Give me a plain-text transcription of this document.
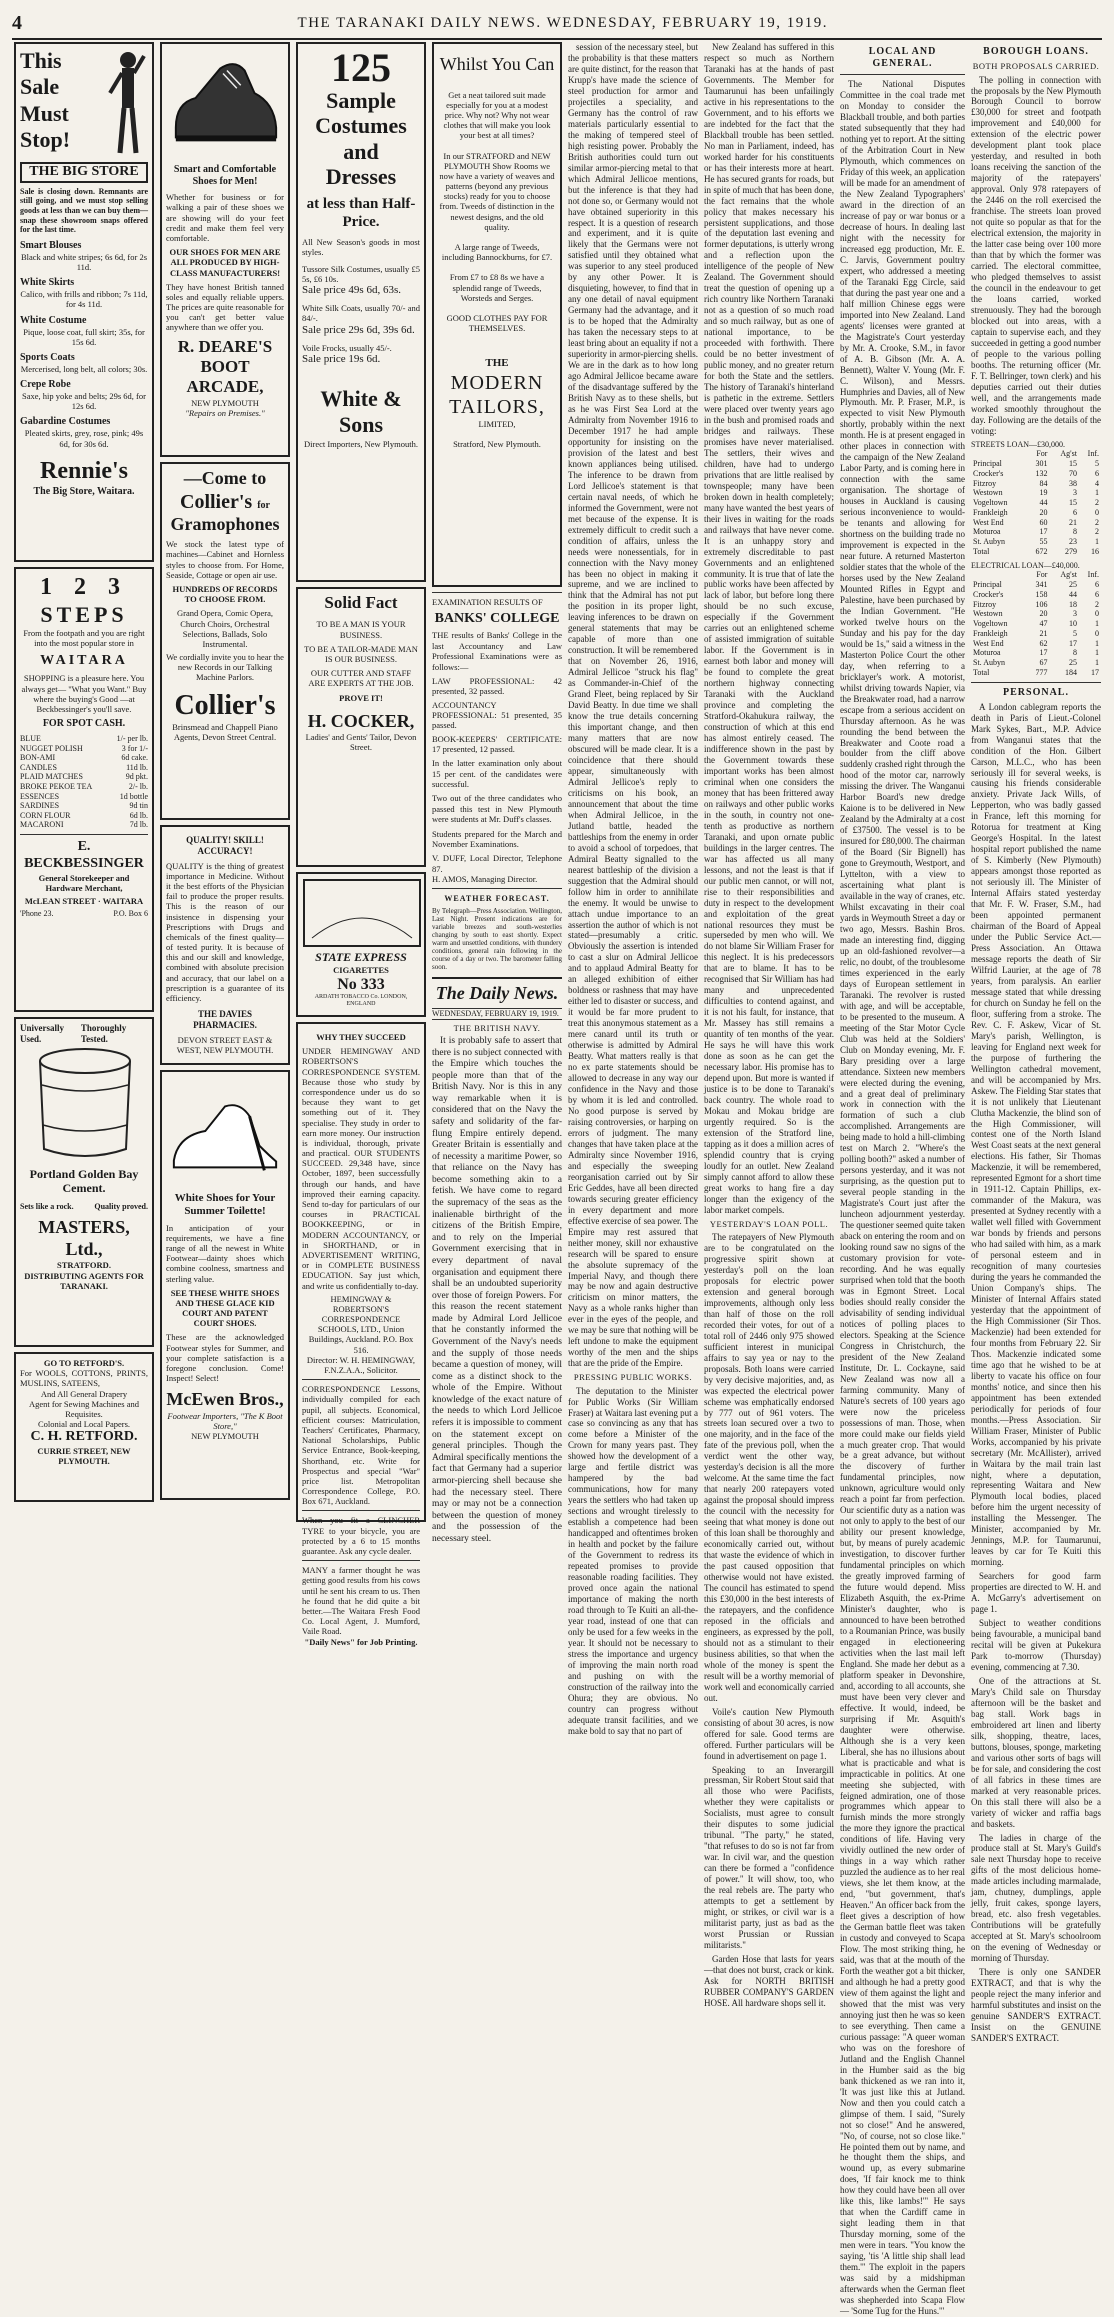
4	THE TARANAKI DAILY NEWS. WEDNESDAY, FEBRUARY 19, 1919.
This
Sale
Must
Stop!
THE BIG STORE
Sale is closing down. Remnants are still going, and we must stop selling goods at less than we can buy them—snap these showroom snaps offered for the last time.
Smart Blouses
Black and white stripes; 6s 6d, for 2s 11d.
White Skirts
Calico, with frills and ribbon; 7s 11d, for 4s 11d.
White Costume
Pique, loose coat, full skirt; 35s, for 15s 6d.
Sports Coats
Mercerised, long belt, all colors; 30s.
Crepe Robe
Saxe, hip yoke and belts; 29s 6d, for 12s 6d.
Gabardine Costumes
Pleated skirts, grey, rose, pink; 49s 6d, for 30s 6d.
Rennie's
The Big Store, Waitara.
1 2 3
STEPS
From the footpath and you are right into the most popular store in
WAITARA
SHOPPING is a pleasure here. You always get— "What you Want." Buy where the buying's Good —at Beckbessinger's you'll save.
FOR SPOT CASH.
BLUE	1/- per lb.
NUGGET POLISH	3 for 1/-
BON-AMI	6d cake.
CANDLES	11d lb.
PLAID MATCHES	9d pkt.
BROKE PEKOE TEA	2/- lb.
ESSENCES	1d bottle
SARDINES	9d tin
CORN FLOUR	6d lb.
MACARONI	7d lb.
E. BECKBESSINGER
General Storekeeper and Hardware Merchant,
McLEAN STREET · WAITARA
'Phone 23.	P.O. Box 6
Universally Used.
Thoroughly Tested.
Portland Golden Bay Cement.
Sets like a rock.	Quality proved.
MASTERS, Ltd.,
STRATFORD.
DISTRIBUTING AGENTS FOR TARANAKI.
GO TO RETFORD'S.
For WOOLS, COTTONS, PRINTS, MUSLINS, SATEENS,
And All General Drapery
Agent for Sewing Machines and Requisites.
Colonial and Local Papers.
C. H. RETFORD.
CURRIE STREET, NEW PLYMOUTH.
Smart and Comfortable Shoes for Men!
Whether for business or for walking a pair of these shoes we are showing will do your feet credit and make them feel very comfortable.
OUR SHOES FOR MEN ARE ALL PRODUCED BY HIGH-CLASS MANUFACTURERS!
They have honest British tanned soles and equally reliable uppers. The prices are quite reasonable for you can't get better value anywhere than we offer you.
R. DEARE'S BOOT ARCADE,
NEW PLYMOUTH
"Repairs on Premises."
—Come to
Collier's for
Gramophones
We stock the latest type of machines—Cabinet and Hornless styles to choose from. For Home, Seaside, Cottage or open air use.
HUNDREDS OF RECORDS TO CHOOSE FROM.
Grand Opera, Comic Opera, Church Choirs, Orchestral Selections, Ballads, Solo Instrumental.
We cordially invite you to hear the new Records in our Talking Machine Parlors.
Collier's
Brinsmead and Chappell Piano Agents, Devon Street Central.
QUALITY! SKILL! ACCURACY!
QUALITY is the thing of greatest importance in Medicine. Without it the best efforts of the Physician fail to produce the proper results. This is the reason of our insistence in dispensing your Prescriptions with Drugs and chemicals of the finest quality—of tested purity. It is because of this and our skill and knowledge, combined with absolute precision and accuracy, that our label on a prescription is a guarantee of its efficiency.
THE DAVIES PHARMACIES.
DEVON STREET EAST & WEST, NEW PLYMOUTH.
White Shoes for Your Summer Toilette!
In anticipation of your requirements, we have a fine range of all the newest in White Footwear—dainty shoes which combine coolness, smartness and sterling value.
SEE THESE WHITE SHOES AND THESE GLACE KID COURT AND PATENT COURT SHOES.
These are the acknowledged Footwear styles for Summer, and your complete satisfaction is a foregone conclusion. Come! Inspect! Select!
McEwen Bros.,
Footwear Importers, "The K Boot Store,"
NEW PLYMOUTH
125
Sample
Costumes
and
Dresses
at less than Half-Price.
All New Season's goods in most styles.
Tussore Silk Costumes, usually £5 5s, £6 10s.
Sale price 49s 6d, 63s.
White Silk Coats, usually 70/- and 84/-.
Sale price 29s 6d, 39s 6d.
Voile Frocks, usually 45/-.
Sale price 19s 6d.
White & Sons
Direct Importers, New Plymouth.
Solid Fact
TO BE A MAN IS YOUR BUSINESS.
TO BE A TAILOR-MADE MAN IS OUR BUSINESS.
OUR CUTTER AND STAFF ARE EXPERTS AT THE JOB.
PROVE IT!
H. COCKER,
Ladies' and Gents' Tailor, Devon Street.
STATE EXPRESS
CIGARETTES
No 333
ARDATH TOBACCO Co. LONDON, ENGLAND
WHY THEY SUCCEED
UNDER HEMINGWAY AND ROBERTSON'S CORRESPONDENCE SYSTEM. Because those who study by correspondence under us do so because they want to get something out of it. They specialise. They study in order to earn more money. Our instruction is individual, thorough, private and practical. OUR STUDENTS SUCCEED. 29,348 have, since October, 1897, been successfully through our hands, and have improved their earning capacity. Send to-day for particulars of our courses in PRACTICAL BOOKKEEPING, or in MODERN ACCOUNTANCY, or in SHORTHAND, or in ADVERTISEMENT WRITING, or in COMPLETE BUSINESS EDUCATION. Say just which, and write us confidentially to-day.
HEMINGWAY & ROBERTSON'S CORRESPONDENCE SCHOOLS, LTD., Union Buildings, Auckland. P.O. Box 516.
Director: W. H. HEMINGWAY, F.N.Z.A.A., Solicitor.
CORRESPONDENCE Lessons, individually compiled for each pupil, all subjects. Economical, efficient courses: Matriculation, Teachers' Certificates, Pharmacy, National Scholarships, Public Service Entrance, Book-keeping, Shorthand, etc. Write for Prospectus and special "War" price list. Metropolitan Correspondence College, P.O. Box 671, Auckland.
When you fit a CLINCHER TYRE to your bicycle, you are protected by a 6 to 15 months guarantee. Ask any cycle dealer.
MANY a farmer thought he was getting good results from his cows until he sent his cream to us. Then he found that he did quite a bit better.—The Waitara Fresh Food Co. Local Agent, J. Mumford, Vaile Road.
"Daily News" for Job Printing.
Whilst You Can
Get a neat tailored suit made especially for you at a modest price. Why not? Why not wear clothes that will make you look your best at all times?
In our STRATFORD and NEW PLYMOUTH Show Rooms we now have a variety of weaves and patterns (beyond any previous stocks) ready for you to choose from. Tweeds of distinction in the newest designs, and the old quality.
A large range of Tweeds, including Bannockburns, for £7.
From £7 to £8 8s we have a splendid range of Tweeds, Worsteds and Serges.
GOOD CLOTHES PAY FOR THEMSELVES.
THE
MODERN
TAILORS,
LIMITED,
Stratford, New Plymouth.
EXAMINATION RESULTS OF
BANKS' COLLEGE
THE results of Banks' College in the last Accountancy and Law Professional Examinations were as follows:—
LAW PROFESSIONAL: 42 presented, 32 passed.
ACCOUNTANCY PROFESSIONAL: 51 presented, 35 passed.
BOOK-KEEPERS' CERTIFICATE: 17 presented, 12 passed.
In the latter examination only about 15 per cent. of the candidates were successful.
Two out of the three candidates who passed this test in New Plymouth were students at Mr. Duff's classes.
Students prepared for the March and November Examinations.
V. DUFF, Local Director, Telephone 87.
H. AMOS, Managing Director.
WEATHER FORECAST.
By Telegraph—Press Association. Wellington, Last Night. Present indications are for variable breezes and south-westerlies changing by south to east shortly. Expect warm and unsettled conditions, with thundery conditions, general rain following in the course of a day or two. The barometer falling soon.
The Daily News.
WEDNESDAY, FEBRUARY 19, 1919.
THE BRITISH NAVY.

It is probably safe to assert that there is no subject connected with the Empire which touches the people more than that of the British Navy. Nor is this in any way remarkable when it is considered that on the Navy the safety and solidarity of the far-flung Empire entirely depend. Greater Britain is essentially and of necessity a maritime Power, so that reliance on the Navy has become something akin to a fetish. We have come to regard the supremacy of the seas as the inalienable birthright of the citizens of the British Empire, and to rely on the Imperial Government exercising that in every department of naval organisation and equipment there shall be an undoubted superiority over those of foreign Powers. For this reason the recent statement made by Admiral Lord Jellicoe that he constantly informed the Government of the Navy's needs and the supply of those needs became a question of money, will come as a distinct shock to the whole of the Empire. Without knowledge of the exact nature of the needs to which Lord Jellicoe refers it is impossible to comment on the statement except on general principles. Though the Admiral specifically mentions the fact that Germany had a superior armor-piercing shell because she had the necessary steel. There may or may not be a connection between the question of money and the possession of the necessary steel.

session of the necessary steel, but the probability is that these matters are quite distinct, for the reason that Krupp's have made the science of steel production for armor and projectiles a speciality, and Germany has the control of raw materials particularly essential to the making of tempered steel of high resisting power. Probably the British authorities could turn out similar armor-piercing metal to that which Admiral Jellicoe mentions, but the inference is that they had not done so, or Germany would not have obtained superiority in this respect. It is a question of research and experiment, and it is quite likely that the Germans were not satisfied until they obtained what was superior to any steel produced by any other Power. It is disquieting, however, to find that in any one detail of naval equipment Germany had the advantage, and it is to be hoped that the Admiralty has taken the necessary steps to at least bring about an equality if not a superiority in armor-piercing shells. We are in the dark as to how long ago Admiral Jellicoe became aware of the disadvantage suffered by the British Navy as to these shells, but as he was First Sea Lord at the Admiralty from November 1916 to December 1917 he had ample opportunity for insisting on the provision of the latest and best known appliances being utilised. The inference to be drawn from Lord Jellicoe's statement is that certain naval needs, of which he informed the Government, were not met because of the expense. It is extremely difficult to credit such a condition of affairs, unless the needs were nonessentials, for in connection with the Navy money has been no object in making it supreme, and we are inclined to think that the Admiral has not put the position in its proper light, leaving inferences to be drawn on general statements that may be capable of more than one construction. It will be remembered that on November 26, 1916, Admiral Jellicoe "struck his flag" as Commander-in-Chief of the Grand Fleet, being replaced by Sir David Beatty. In due time we shall know the true details concerning this important change, and then many matters that are now obscured will be made clear. It is a coincidence that there should appear, simultaneously with Admiral Jellicoe's reply to criticisms on his book, an announcement that about the time when Admiral Jellicoe, in the Jutland battle, headed the battleships from the enemy in order to avoid a school of torpedoes, that Admiral Beatty signalled to the nearest battleship of the division a suggestion that the Admiral should follow him in order to annihilate the enemy. It would be unwise to attach undue importance to an assertion the author of which is not stated—presumably a critic. Obviously the assertion is intended to cast a slur on Admiral Jellicoe and to applaud Admiral Beatty for an alleged exhibition of either boldness or rashness that may have either led to disaster or success, and it would be far more prudent to treat this anonymous statement as a mere canard until its truth or otherwise is admitted by Admiral Beatty. What matters really is that no ex parte statements should be allowed to decrease in any way our confidence in the Navy and those by whom it is led and controlled. No good purpose is served by raising controversies, or harping on errors of judgment. The many changes that have taken place at the Admiralty since November 1916, and especially the sweeping reorganisation carried out by Sir Eric Geddes, have all been directed towards securing greater efficiency in every department and more effective exercise of sea power. The Empire may rest assured that neither money, skill nor exhaustive research will be spared to ensure the absolute supremacy of the Imperial Navy, and though there may be now and again destructive criticism on minor matters, the Navy as a whole ranks higher than ever in the eyes of the people, and we may be sure that nothing will be left undone to make the equipment worthy of the men and the ships that are the pride of the Empire.

PRESSING PUBLIC WORKS.

The deputation to the Minister for Public Works (Sir William Fraser) at Waitara last evening put a case so convincing as any that has come before a Minister of the Crown for many years past. They showed how the development of a large and fertile district was hampered by the bad communications, how for many years the settlers who had taken up sections and wrought tirelessly to establish a competence had been handicapped and oftentimes broken in health and pocket by the failure of the Government to redress its repeated promises to provide reasonable roading facilities. They proved once again the national importance of making the north road through to Te Kuiti an all-the-year road, instead of one that can only be used for a few weeks in the year. It should not be necessary to stress the importance and urgency of improving the main north road and pushing on with the construction of the railway into the Ohura; they are obvious. No country can progress without adequate transit facilities, and we make bold to say that no part of

New Zealand has suffered in this respect so much as Northern Taranaki has at the hands of past Governments. The Member for Taumarunui has been unfailingly active in his representations to the Government, and to his efforts we are indebted for the fact that the Blackball trouble has been settled. No man in Parliament, indeed, has worked harder for his constituents or has their interests more at heart. He has secured grants for roads, but in spite of much that has been done, the fact remains that the whole policy that makes necessary his persistent supplications, and those of the deputation last evening and former deputations, is utterly wrong and a reflection upon the intelligence of the people of New Zealand. The Government should treat the question of opening up a rich country like Northern Taranaki not as a question of so much road and so much railway, but as one of national importance, to be proceeded with forthwith. There could be no better investment of public money, and no greater return for both the State and the settlers. The history of Taranaki's hinterland is pathetic in the extreme. Settlers were placed over twenty years ago in the bush and promised roads and bridges and railways. These promises have never materialised. The settlers, their wives and children, have had to undergo privations that are little realised by townspeople; many have been broken down in health completely; many have wanted the best years of their lives in waiting for the roads and railways that have never come. It is an unhappy story and extremely discreditable to past Governments and an enlightened community. It is true that of late the public works have been affected by lack of labor, but before long there should be no such excuse, especially if the Government carries out an enlightened scheme of assisted immigration of suitable labor. If the Government is in earnest both labor and money will be found to complete the great northern highway connecting Taranaki with the Auckland province and completing the Stratford-Okahukura railway, the construction of which at this end has almost entirely ceased. The indifference shown in the past by the Government towards these important works has been almost criminal when one considers the money that has been frittered away on railways and other public works in the south, in country not one-tenth as productive as northern Taranaki, and upon ornate public buildings in the larger centres. The war has affected us all many lessons, and not the least is that if our public men cannot, or will not, rise to their responsibilities and duty in respect to the development and exploitation of the great national resources they must be superseded by men who will. We do not blame Sir William Fraser for this neglect. It is his predecessors that are to blame. It has to be recognised that Sir William has had many and unprecedented difficulties to contend against, and it is not his fault, for instance, that Mr. Massey has still remains a quantity of ten months of the year. He says he will have this work done as soon as he can get the necessary labor. His promise has to depend upon. But more is wanted if justice is to be done to Taranaki's back country. The whole road to Mokau and Mokau bridge are urgently required. So is the extension of the Stratford line, tapping as it does a million acres of splendid country that is crying loudly for an outlet. New Zealand simply cannot afford to allow these great works to hang fire a day longer than the exigency of the labor market compels.

YESTERDAY'S LOAN POLL.

The ratepayers of New Plymouth are to be congratulated on the progressive spirit shown at yesterday's poll on the loan proposals for electric power extension and general borough improvements, although only less than half of those on the roll recorded their votes, for out of a total roll of 2446 only 975 showed sufficient interest in municipal affairs to say yea or nay to the proposals. Both loans were carried by very decisive majorities, and, as was expected the electrical power scheme was emphatically endorsed by 777 out of 961 voters. The streets loan secured over a two to one majority, and in the face of the fate of the previous poll, when the verdict went the other way, yesterday's decision is all the more welcome. At the same time the fact that nearly 200 ratepayers voted against the proposal should impress the council with the necessity for seeing that what money is done out of this loan shall be thoroughly and economically carried out, without that waste the evidence of which in the past caused opposition that otherwise would not have existed. The council has estimated to spend this £30,000 in the best interests of the ratepayers, and the confidence reposed in the officials and engineers, as expressed by the poll, should not as a stimulant to their business abilities, so that when the whole of the money is spent the result will be a worthy memorial of work well and economically carried out.

Voile's caution New Plymouth consisting of about 30 acres, is now offered for sale. Good terms are offered. Further particulars will be found in advertisement on page 1.

Speaking to an Inverargill pressman, Sir Robert Stout said that all those who were Pacifists, whether they were capitalists or Socialists, must agree to consult their disputes to some judicial tribunal. "The party," he stated, "that refuses to do so is not far from war. In civil war, and the question can there be formed a "confidence of power." It will show, too, who the real rebels are. The party who attempts to get a settlement by might, or strikes, or civil war is a militarist party, just as bad as the worst Prussian or Russian militarists."

Garden Hose that lasts for years—that does not burst, crack or kink. Ask for NORTH BRITISH RUBBER COMPANY'S GARDEN HOSE. All hardware shops sell it.

LOCAL AND GENERAL.

The National Disputes Committee in the coal trade met on Monday to consider the Blackball trouble, and both parties stated subsequently that they had nothing yet to report. At the sitting of the Arbitration Court in New Plymouth, which commences on Friday of this week, an application will be made for an amendment of the New Zealand Typographers' award in the direction of an increase of pay or war bonus or a decrease of hours. In dealing last night with the necessity for increased egg production, Mr. E. C. Jarvis, Government poultry expert, who addressed a meeting of the Taranaki Egg Circle, said that during the past year one and a half million Chinese eggs were imported into New Zealand. Land agents' licenses were granted at the Magistrate's Court yesterday by Mr. A. Crooke, S.M., in favor of A. B. Gibson (Mr. A. A. Bennett), Walter V. Young (Mr. F. C. Wilson), and Messrs. Humphries and Davies, all of New Plymouth. Mr. P. Fraser, M.P., is expected to visit New Plymouth shortly, probably within the next month. He is at present engaged in other places in connection with the campaign of the New Zealand Labor Party, and is coming here in connection with the same organisation. The shortage of houses in Auckland is causing serious inconvenience to would-be tenants and allowing for shortness on the building trade no improvement is expected in the near future. A returned Masterton soldier states that the whole of the horses used by the New Zealand Mounted Rifles in Egypt and Palestine, have been purchased by the Indian Government. "He worked twelve hours on the Sunday and his pay for the day would be 1s," said a witness in the Masterton Police Court the other day, when referring to a bricklayer's work. A motorist, whilst driving towards Napier, via the Breakwater road, had a narrow escape from a serious accident on Thursday afternoon. As he was rounding the bend between the Breakwater and Coote road a boulder from the cliff above suddenly crashed right through the hood of the motor car, narrowly missing the driver. The Wanganui Harbor Board's new dredge Kaione is to be delivered in New Zealand by the Admiralty at a cost of £37500. The vessel is to be insured for £80,000. The chairman of the Board (Sir Bignell) has gone to Greymouth, Westport, and Lyttelton, with a view to ascertaining what plant is available in the way of cranes, etc. Whilst excavating in their coal yards in Weymouth Street a day or two ago, Messrs. Bashin Bros. made an interesting find, digging up an old-fashioned revolver—a relic, no doubt, of the troublesome times experienced in the early days of European settlement in Taranaki. The revolver is rusted with age, and will be acceptable, to be presented to the museum. A meeting of the Star Motor Cycle Club was held at the Soldiers' Club on Monday evening, Mr. F. Bary presiding over a large attendance. Sixteen new members were elected during the evening, and a great deal of preliminary work in connection with the formation of such a club accomplished. Arrangements are being made to hold a hill-climbing test on March 2. "Where's the polling booth?" asked a number of persons yesterday, and it was not surprising, as the question put to several people standing in the Magistrate's Court just after the luncheon adjournment yesterday. The questioner seemed quite taken aback on entering the room and on looking round saw no signs of the customary provision for vote-recording. And he was equally surprised when told that the booth was in Egmont Street. Local bodies should really consider the advisability of sending individual notices of polling places to electors. Speaking at the Science Congress in Christchurch, the president of the New Zealand Institute, Dr. L. Cockayne, said New Zealand was now all a farming community. Many of Nature's secrets of 100 years ago were now the priceless possessions of man. Those, when more could make our fields yield a much greater crop. That would be a great advance, but without the discovery of further fundamental principles, now unknown, agriculture would only reach a point far from perfection. Our scientific duty as a nation was not only to apply to the best of our ability our present knowledge, but, by means of purely academic investigation, to discover further fundamental principles on which the greatly improved farming of the future would depend. Miss Elizabeth Asquith, the ex-Prime Minister's daughter, who is announced to have been betrothed to a Roumanian Prince, was busily engaged in electioneering activities when the last mail left England. She made her debut as a platform speaker in Devonshire, and, according to all accounts, she must have been very clever and effective. It would, indeed, be surprising if Mr. Asquith's daughter were otherwise. Although she is a very keen Liberal, she has no illusions about what is practicable and what is impracticable in politics. At one meeting she subjected, with feigned admiration, one of those programmes which appear to furnish minds the more strongly the more they ignore the practical conditions of life. Having very vividly outlined the new order of things in a way which rather puzzled the audience as to her real views, she let them know, at the end, "but government, that's Heaven." An officer back from the fleet gives a description of how the German battle fleet was taken in custody and conveyed to Scapa Flow. The most striking thing, he said, was that at the mouth of the Forth the weather got a bit thicker, and although he had a pretty good view of them against the light and showed that the mist was very annoying just then he was so keen to see everything. Then came a curious passage: "A queer woman who was on the foreshore of Jutland and the English Channel in the Humber said as the big bank thickened as we ran into it, 'It was just like this at Jutland. Now and then you could catch a glimpse of them. I said, "Surely not so close!" And he answered, "No, of course, not so close like." He pointed them out by name, and he thought them the ships, and wound up, as every submarine does, 'If fair knock me to think how they could have been all over like this, like lambs!'" He says that when the Cardiff came in sight leading them in that Thursday morning, some of the men were in tears. "You know the saying, 'tis 'A little ship shall lead them.'" The exploit in the papers was said by a midshipman afterwards when the German fleet was shepherded into Scapa Flow— 'Some Tug for the Huns.'"

BOROUGH LOANS.
BOTH PROPOSALS CARRIED.

The polling in connection with the proposals by the New Plymouth Borough Council to borrow £30,000 for street and footpath improvement and £40,000 for extension of the electric power development plant took place yesterday, and resulted in both loans receiving the sanction of the majority of the ratepayers' approval. Only 978 ratepayers of the 2446 on the roll exercised the franchise. The streets loan proved not quite so popular as that for the electrical extension, the majority in the latter case being over 100 more than that by which the former was carried. The electoral committee, who pledged themselves to assist the council in the endeavour to get the loans carried, worked strenuously. They had the borough blocked out into areas, with a captain to supervise each, and they succeeded in getting a good number of people to the various polling booths. The returning officer (Mr. F. T. Bellringer, town clerk) and his deputies carried out their duties well, and the arrangements made worked smoothly throughout the day. Following are the details of the voting:

STREETS LOAN—£30,000.
	For	Ag'st	Inf.
Principal	301	15	5
Crocker's	132	70	6
Fitzroy	84	38	4
Westown	19	3	1
Vogeltown	44	15	2
Frankleigh	20	6	0
West End	60	21	2
Moturoa	17	8	2
St. Aubyn	55	23	1
Total	672	279	16
ELECTRICAL LOAN—£40,000.
	For	Ag'st	Inf.
Principal	341	25	6
Crocker's	158	44	6
Fitzroy	106	18	2
Westown	20	3	0
Vogeltown	47	10	1
Frankleigh	21	5	0
West End	62	17	1
Moturoa	17	8	1
St. Aubyn	67	25	1
Total	777	184	17
PERSONAL.

A London cablegram reports the death in Paris of Lieut.-Colonel Mark Sykes, Bart., M.P. Advice from Wanganui states that the condition of the Hon. Gilbert Carson, M.L.C., who has been seriously ill for several weeks, is causing his friends considerable anxiety. Private Jack Wills, of Lepperton, who was badly gassed in France, left this morning for Rotorua for treatment at King George's Hospital. In the latest hospital report published the name of S. Kimberly (New Plymouth) appears amongst those reported as not seriously ill. The Minister of Internal Affairs stated yesterday that Mr. F. W. Fraser, S.M., had been appointed permanent chairman of the Board of Appeal under the Public Service Act.—Press Association. An Ottawa message reports the death of Sir Wilfrid Laurier, at the age of 78 years, from paralysis. An earlier message stated that while dressing for church on Sunday he fell on the floor, suffering from a stroke. The Rev. C. F. Askew, Vicar of St. Mary's parish, Wellington, is leaving for England next week for the purpose of furthering the Wellington cathedral movement, and will be accompanied by Mrs. Askew. The Fielding Star states that it is not unlikely that Lieutenant Clutha Mackenzie, the blind son of the High Commissioner, will contest one of the North Island West Coast seats at the next general elections. His father, Sir Thomas Mackenzie, it will be remembered, represented Egmont for a short time in 1911-12. Captain Phillips, ex-commander of the Makura, was presented at Sydney recently with a wallet well filled with Government war bonds by friends and persons who had sailed with him, as a mark of personal esteem and in recognition of many courtesies during the years he commanded the Union Company's ships. The Minister of Internal Affairs stated yesterday that the appointment of the High Commissioner (Sir Thos. Mackenzie) had been extended for four months from February 22. Sir Thos. Mackenzie indicated some time ago that he wished to be at liberty to vacate his office on four months' notice, and since then his appointment has been extended periodically for periods of four months.—Press Association. Sir William Fraser, Minister of Public Works, accompanied by his private secretary (Mr. McAllister), arrived in Waitara by the mail train last night, where a deputation, representing Waitara and New Plymouth local bodies, placed before him the urgent necessity of installing the Messenger. The Minister, accompanied by Mr. Jennings, M.P. for Taumarunui, leaves by car for Te Kuiti this morning.

Searchers for good farm properties are directed to W. H. and A. McGarry's advertisement on page 1.

Subject to weather conditions being favourable, a municipal band recital will be given at Pukekura Park to-morrow (Thursday) evening, commencing at 7.30.

One of the attractions at St. Mary's Child sale on Thursday afternoon will be the basket and bag stall. Work bags in embroidered art linen and liberty silk, shopping, theatre, laces, buttons, blouses, sponge, marketing and various other sorts of bags will be for sale, and considering the cost of all fabrics in these times are marked at very reasonable prices. On this stall there will also be a variety of wicker and raffia bags and baskets.

The ladies in charge of the produce stall at St. Mary's Guild's sale next Thursday hope to receive gifts of the most delicious home-made articles including marmalade, jam, chutney, dumplings, apple jelly, fruit cakes, sponge layers, bread, etc. also fresh vegetables. Contributions will be gratefully accepted at St. Mary's schoolroom on the evening of Wednesday or morning of Thursday.

There is only one SANDER EXTRACT, and that is why the people reject the many inferior and harmful substitutes and insist on the genuine SANDER'S EXTRACT. Insist on the GENUINE SANDER'S EXTRACT.
